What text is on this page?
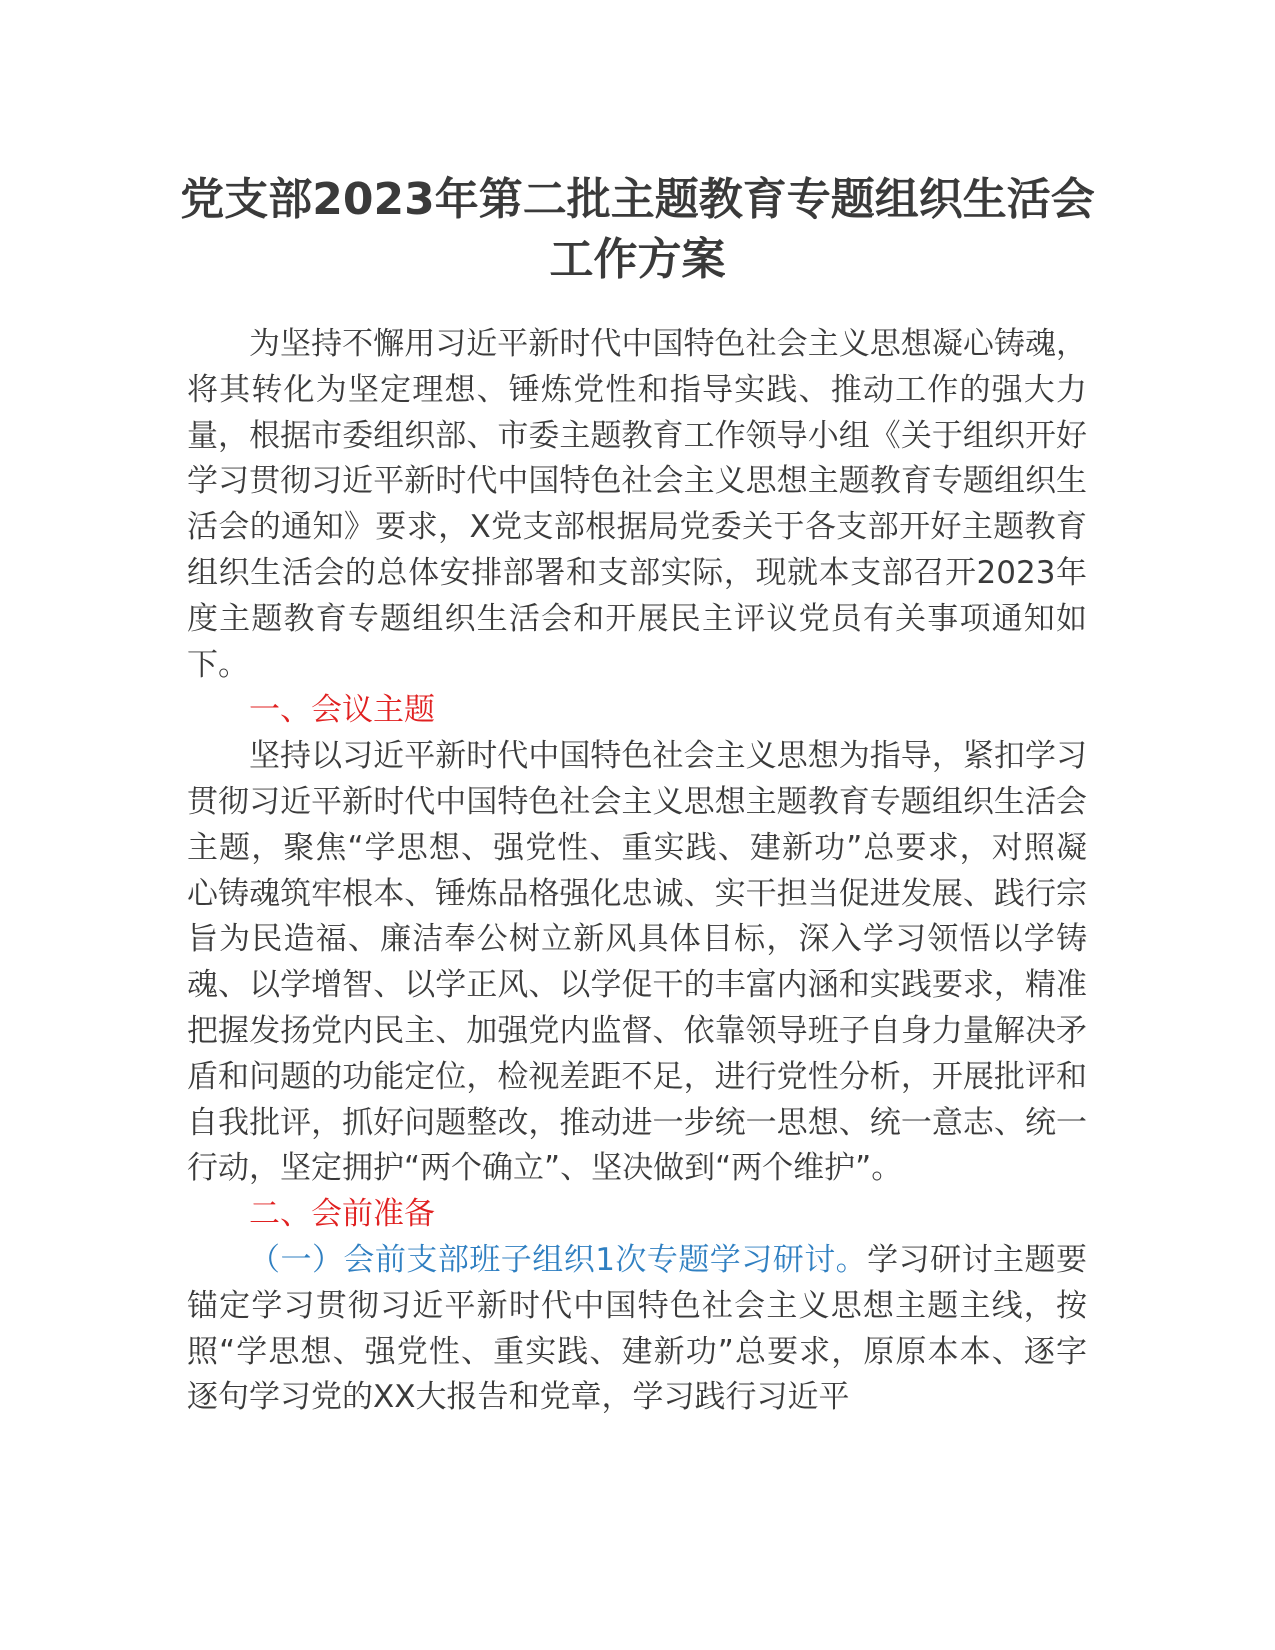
党支部2023年第二批主题教育专题组织生活会工作方案

为坚持不懈用习近平新时代中国特色社会主义思想凝心铸魂，将其转化为坚定理想、锤炼党性和指导实践、推动工作的强大力量，根据市委组织部、市委主题教育工作领导小组《关于组织开好学习贯彻习近平新时代中国特色社会主义思想主题教育专题组织生活会的通知》要求，X党支部根据局党委关于各支部开好主题教育组织生活会的总体安排部署和支部实际，现就本支部召开2023年度主题教育专题组织生活会和开展民主评议党员有关事项通知如下。

一、会议主题

坚持以习近平新时代中国特色社会主义思想为指导，紧扣学习贯彻习近平新时代中国特色社会主义思想主题教育专题组织生活会主题，聚焦“学思想、强党性、重实践、建新功”总要求，对照凝心铸魂筑牢根本、锤炼品格强化忠诚、实干担当促进发展、践行宗旨为民造福、廉洁奉公树立新风具体目标，深入学习领悟以学铸魂、以学增智、以学正风、以学促干的丰富内涵和实践要求，精准把握发扬党内民主、加强党内监督、依靠领导班子自身力量解决矛盾和问题的功能定位，检视差距不足，进行党性分析，开展批评和自我批评，抓好问题整改，推动进一步统一思想、统一意志、统一行动，坚定拥护“两个确立”、坚决做到“两个维护”。

二、会前准备

（一）会前支部班子组织1次专题学习研讨。学习研讨主题要锚定学习贯彻习近平新时代中国特色社会主义思想主题主线，按照“学思想、强党性、重实践、建新功”总要求，原原本本、逐字逐句学习党的XX大报告和党章，学习践行习近平
